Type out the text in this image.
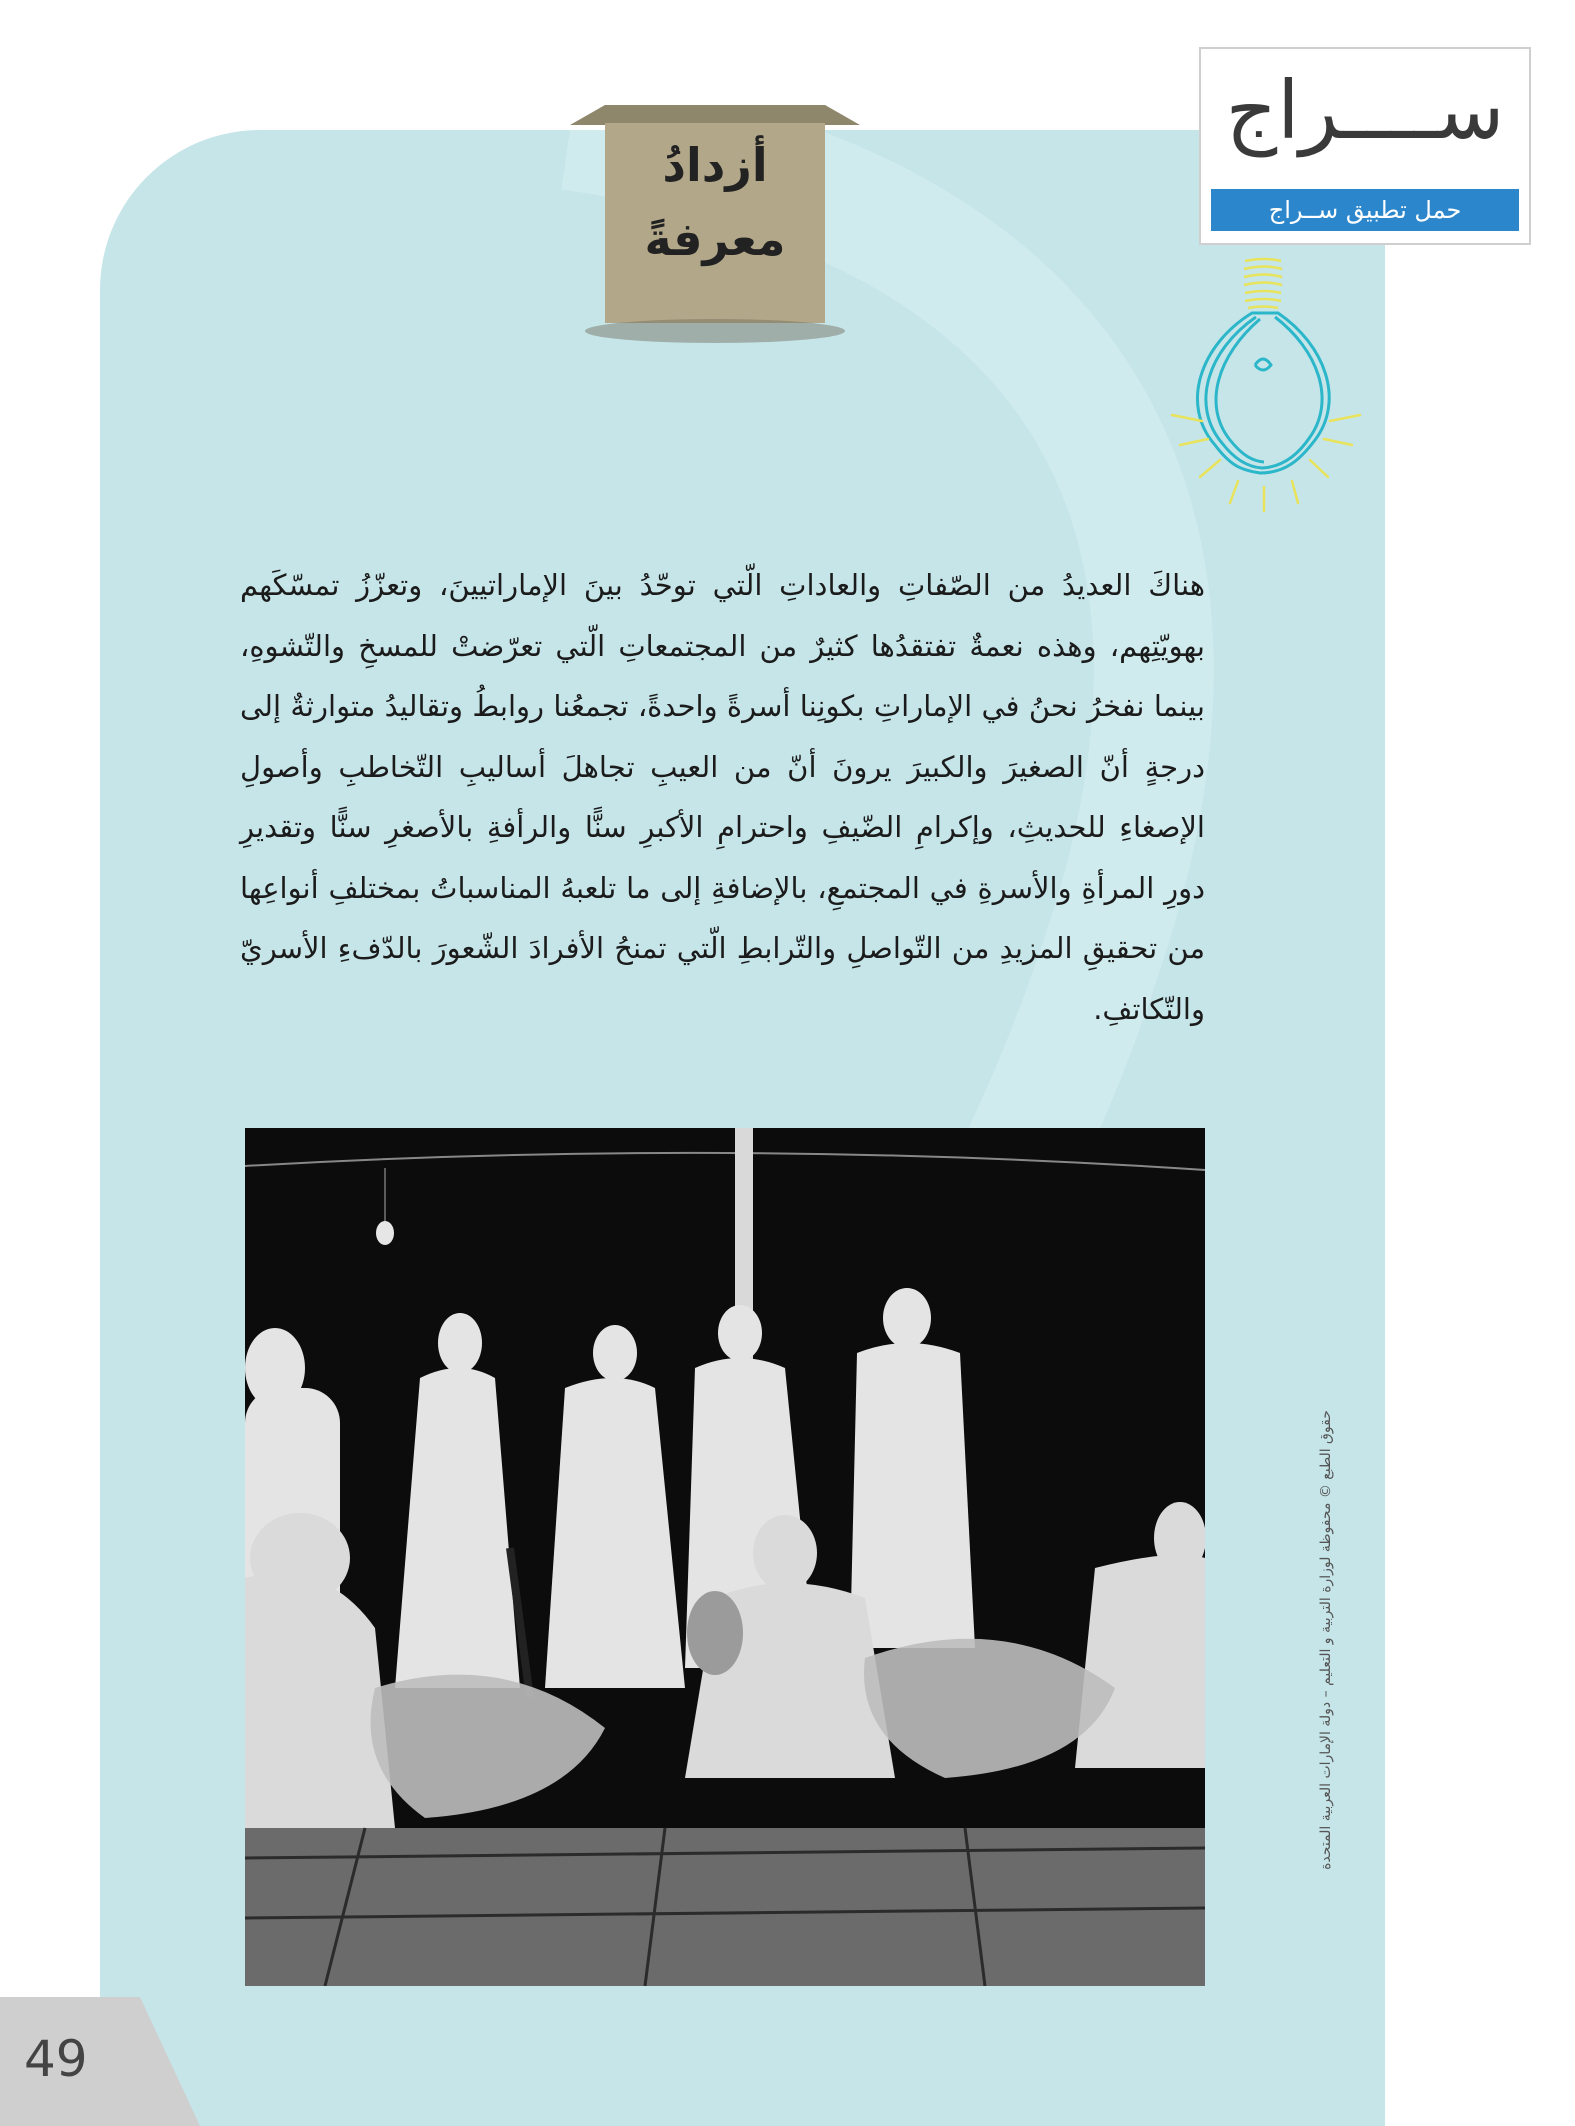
أزدادُ معرفةً
ســــراج
حمل تطبيق ســراج
هناكَ العديدُ من الصّفاتِ والعاداتِ الّتي توحّدُ بينَ الإماراتيينَ، وتعزّزُ تمسّكَهم بهويّتِهم، وهذه نعمةٌ تفتقدُها كثيرٌ من المجتمعاتِ الّتي تعرّضتْ للمسخِ والتّشوهِ، بينما نفخرُ نحنُ في الإماراتِ بكونِنا أسرةً واحدةً، تجمعُنا روابطُ وتقاليدُ متوارثةٌ إلى درجةٍ أنّ الصغيرَ والكبيرَ يرونَ أنّ من العيبِ تجاهلَ أساليبِ التّخاطبِ وأصولِ الإصغاءِ للحديثِ، وإكرامِ الضّيفِ واحترامِ الأكبرِ سنًّا والرأفةِ بالأصغرِ سنًّا وتقديرِ دورِ المرأةِ والأسرةِ في المجتمعِ، بالإضافةِ إلى ما تلعبهُ المناسباتُ بمختلفِ أنواعِها من تحقيقِ المزيدِ من التّواصلِ والتّرابطِ الّتي تمنحُ الأفرادَ الشّعورَ بالدّفءِ الأسريّ والتّكاتفِ.
حقوق الطبع © محفوظة لوزارة التربية و التعليم – دولة الإمارات العربية المتحدة
49
